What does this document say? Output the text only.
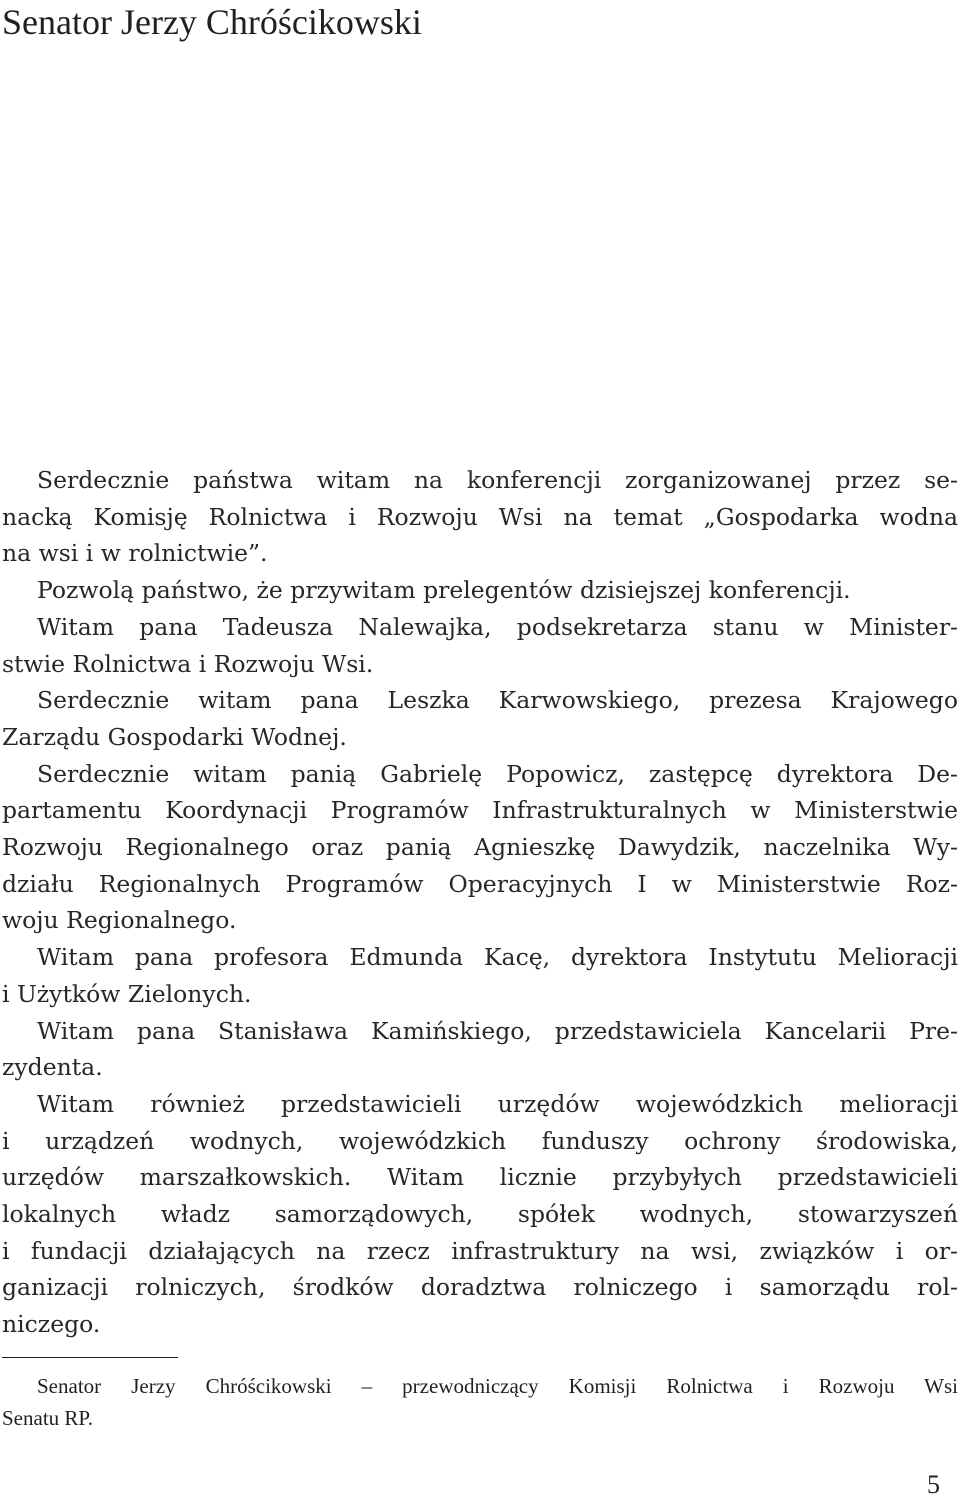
Senator Jerzy Chróścikowski
Serdecznie państwa witam na konferencji zorganizowanej przez se-
nacką Komisję Rolnictwa i Rozwoju Wsi na temat „Gospodarka wodna
na wsi i w rolnictwie”.
Pozwolą państwo, że przywitam prelegentów dzisiejszej konferencji.
Witam pana Tadeusza Nalewajka, podsekretarza stanu w Minister-
stwie Rolnictwa i Rozwoju Wsi.
Serdecznie witam pana Leszka Karwowskiego, prezesa Krajowego
Zarządu Gospodarki Wodnej.
Serdecznie witam panią Gabrielę Popowicz, zastępcę dyrektora De-
partamentu Koordynacji Programów Infrastrukturalnych w Ministerstwie
Rozwoju Regionalnego oraz panią Agnieszkę Dawydzik, naczelnika Wy-
działu Regionalnych Programów Operacyjnych I w Ministerstwie Roz-
woju Regionalnego.
Witam pana profesora Edmunda Kacę, dyrektora Instytutu Melioracji
i Użytków Zielonych.
Witam pana Stanisława Kamińskiego, przedstawiciela Kancelarii Pre-
zydenta.
Witam również przedstawicieli urzędów wojewódzkich melioracji
i urządzeń wodnych, wojewódzkich funduszy ochrony środowiska,
urzędów marszałkowskich. Witam licznie przybyłych przedstawicieli
lokalnych władz samorządowych, spółek wodnych, stowarzyszeń
i fundacji działających na rzecz infrastruktury na wsi, związków i or-
ganizacji rolniczych, środków doradztwa rolniczego i samorządu rol-
niczego.
Senator Jerzy Chróścikowski – przewodniczący Komisji Rolnictwa i Rozwoju Wsi
Senatu RP.
5
